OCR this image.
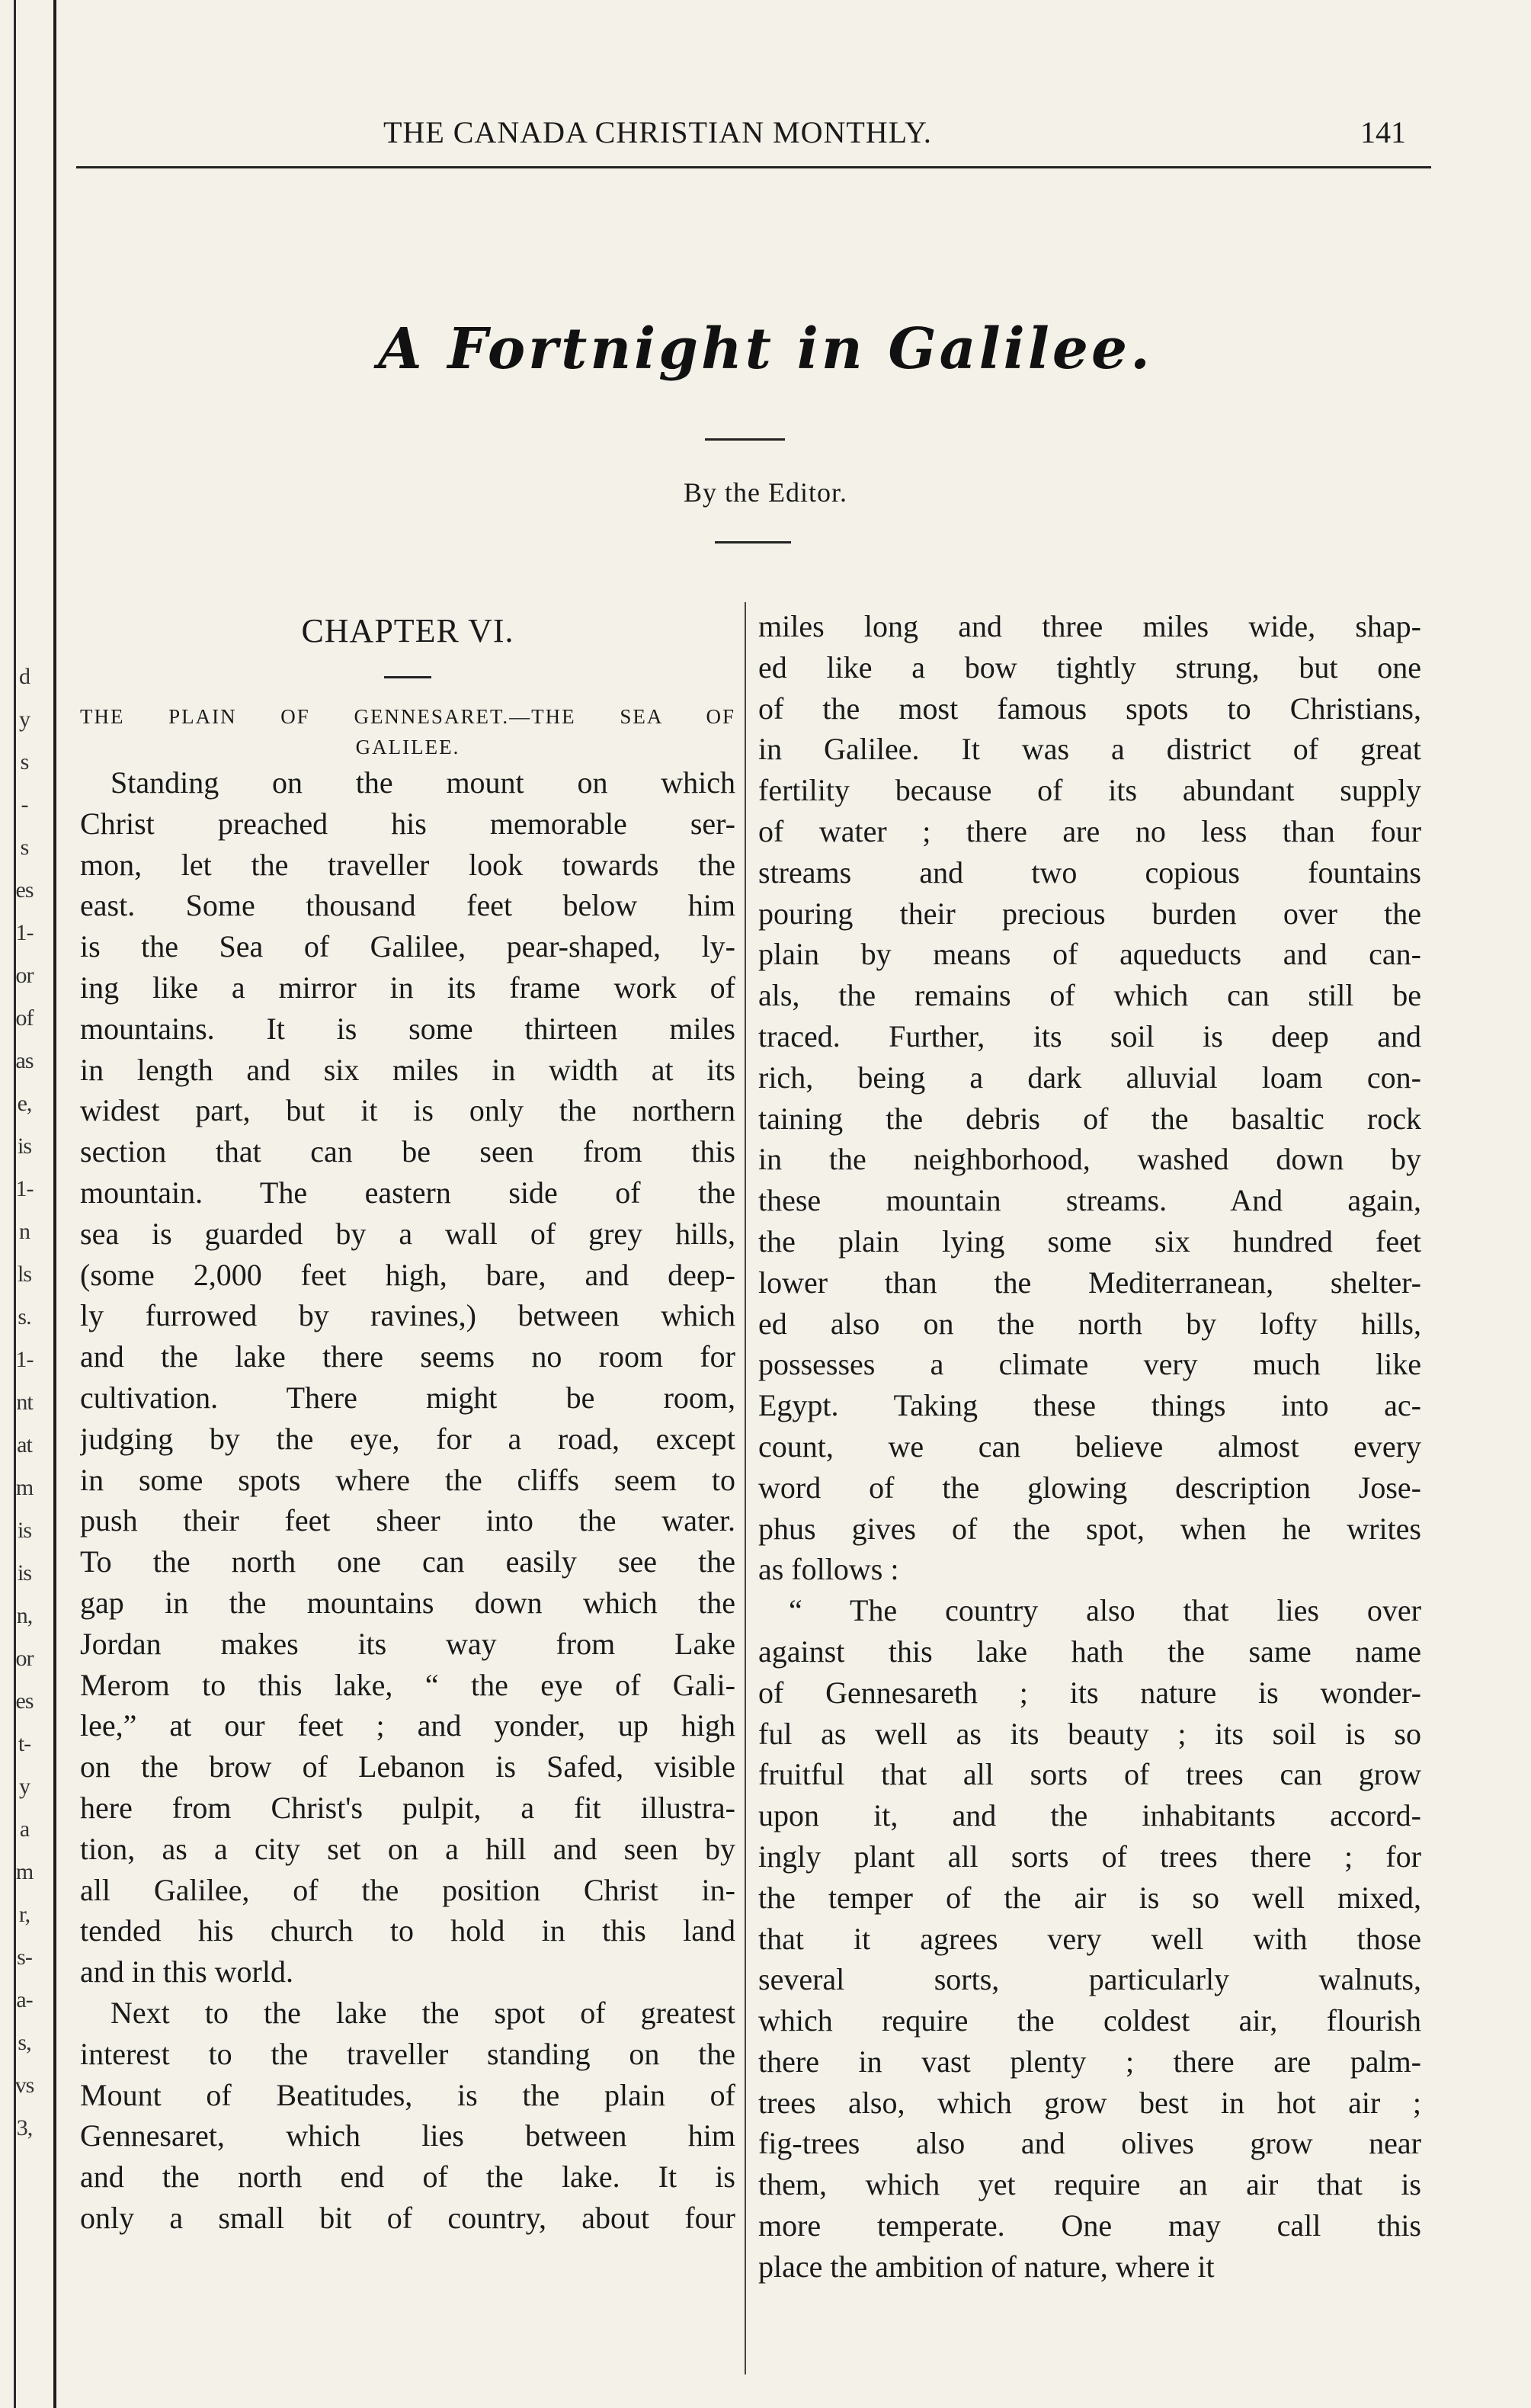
d
y
s
-
s
es
1-
or
of
as
e,
is
1-
n
ls
s.
1-
nt
at
m
is
is
n,
or
es
t-
y
a
m
r,
s-
a-
s,
vs
3,
THE CANADA CHRISTIAN MONTHLY.	141
A Fortnight in Galilee.
By the Editor.
CHAPTER VI.
THE PLAIN OF GENNESARET.—THE SEA OF
GALILEE.
Standing on the mount on which
Christ preached his memorable ser-
mon, let the traveller look towards the
east. Some thousand feet below him
is the Sea of Galilee, pear-shaped, ly-
ing like a mirror in its frame work of
mountains. It is some thirteen miles
in length and six miles in width at its
widest part, but it is only the northern
section that can be seen from this
mountain. The eastern side of the
sea is guarded by a wall of grey hills,
(some 2,000 feet high, bare, and deep-
ly furrowed by ravines,) between which
and the lake there seems no room for
cultivation. There might be room,
judging by the eye, for a road, except
in some spots where the cliffs seem to
push their feet sheer into the water.
To the north one can easily see the
gap in the mountains down which the
Jordan makes its way from Lake
Merom to this lake, “ the eye of Gali-
lee,” at our feet ; and yonder, up high
on the brow of Lebanon is Safed, visible
here from Christ's pulpit, a fit illustra-
tion, as a city set on a hill and seen by
all Galilee, of the position Christ in-
tended his church to hold in this land
and in this world.
Next to the lake the spot of greatest
interest to the traveller standing on the
Mount of Beatitudes, is the plain of
Gennesaret, which lies between him
and the north end of the lake. It is
only a small bit of country, about four
miles long and three miles wide, shap-
ed like a bow tightly strung, but one
of the most famous spots to Christians,
in Galilee. It was a district of great
fertility because of its abundant supply
of water ; there are no less than four
streams and two copious fountains
pouring their precious burden over the
plain by means of aqueducts and can-
als, the remains of which can still be
traced. Further, its soil is deep and
rich, being a dark alluvial loam con-
taining the debris of the basaltic rock
in the neighborhood, washed down by
these mountain streams. And again,
the plain lying some six hundred feet
lower than the Mediterranean, shelter-
ed also on the north by lofty hills,
possesses a climate very much like
Egypt. Taking these things into ac-
count, we can believe almost every
word of the glowing description Jose-
phus gives of the spot, when he writes
as follows :
“ The country also that lies over
against this lake hath the same name
of Gennesareth ; its nature is wonder-
ful as well as its beauty ; its soil is so
fruitful that all sorts of trees can grow
upon it, and the inhabitants accord-
ingly plant all sorts of trees there ; for
the temper of the air is so well mixed,
that it agrees very well with those
several sorts, particularly walnuts,
which require the coldest air, flourish
there in vast plenty ; there are palm-
trees also, which grow best in hot air ;
fig-trees also and olives grow near
them, which yet require an air that is
more temperate. One may call this
place the ambition of nature, where it
